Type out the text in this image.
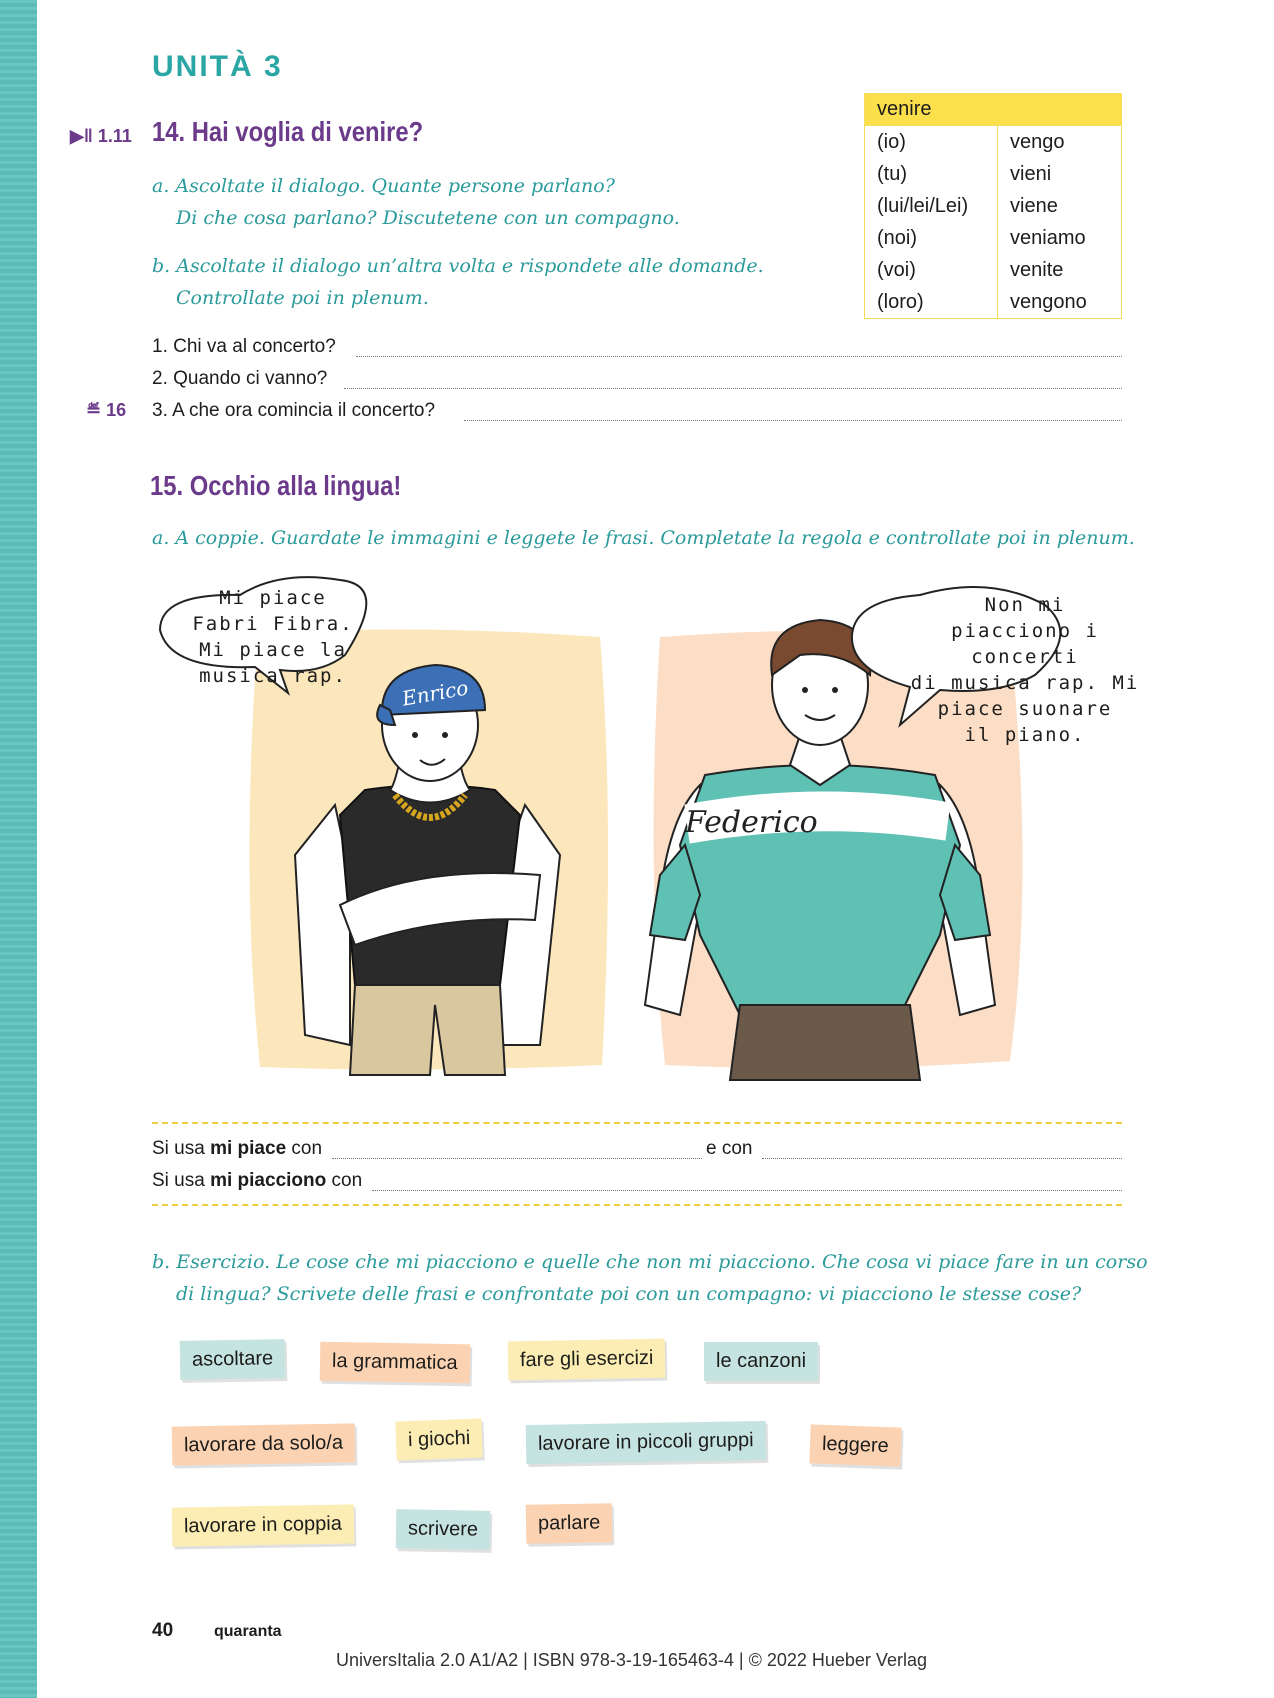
UNITÀ 3
▶︎‖ 1.11 14. Hai voglia di venire?
a. Ascoltate il dialogo. Quante persone parlano?
Di che cosa parlano? Discutetene con un compagno.
b. Ascoltate il dialogo un’altra volta e rispondete alle domande.
Controllate poi in plenum.
venire	
(io)	vengo
(tu)	vieni
(lui/lei/Lei)	viene
(noi)	veniamo
(voi)	venite
(loro)	vengono
1. Chi va al concerto?
2. Quando ci vanno?
≝ 16 3. A che ora comincia il concerto?
15. Occhio alla lingua!
a. A coppie. Guardate le immagini e leggete le frasi. Completate la regola e controllate poi in plenum.
Enrico
Federico
Mi piace
Fabri Fibra.
Mi piace la
musica rap.
Non mi
piacciono i concerti
di musica rap. Mi
piace suonare
il piano.
Si usa mi piace con	e con
Si usa mi piacciono con
b. Esercizio. Le cose che mi piacciono e quelle che non mi piacciono. Che cosa vi piace fare in un corso
di lingua? Scrivete delle frasi e confrontate poi con un compagno: vi piacciono le stesse cose?
ascoltare	la grammatica	fare gli esercizi	le canzoni
lavorare da solo/a	i giochi	lavorare in piccoli gruppi	leggere
lavorare in coppia	scrivere	parlare
40	quaranta
UniversItalia 2.0 A1/A2 | ISBN 978-3-19-165463-4 | © 2022 Hueber Verlag
